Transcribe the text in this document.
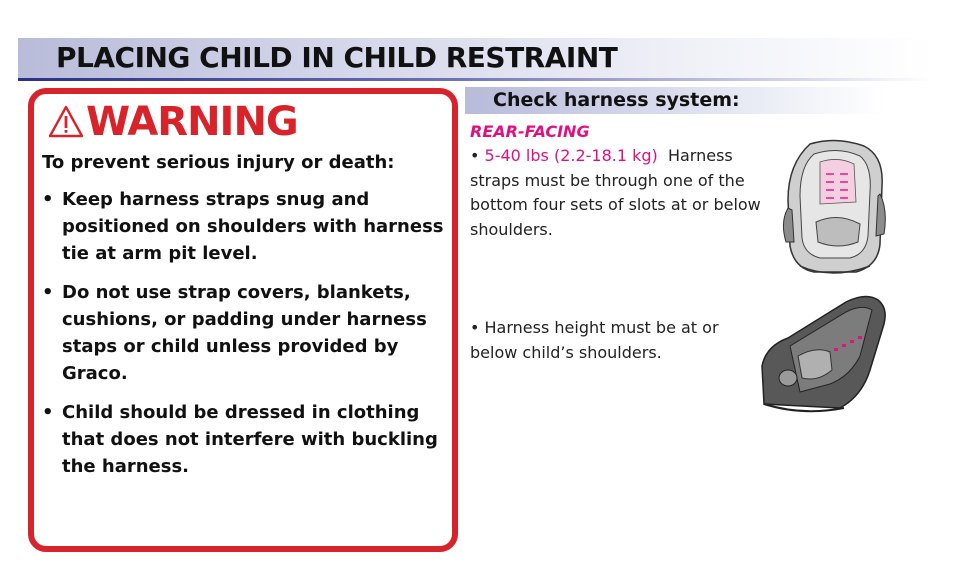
PLACING CHILD IN CHILD RESTRAINT
WARNING
To prevent serious injury or death:
• Keep harness straps snug and positioned on shoulders with harness tie at arm pit level.
• Do not use strap covers, blankets, cushions, or padding under harness staps or child unless provided by Graco.
• Child should be dressed in clothing that does not interfere with buckling the harness.
Check harness system:
REAR-FACING
• 5-40 lbs (2.2-18.1 kg) Harness straps must be through one of the bottom four sets of slots at or below shoulders.
• Harness height must be at or below child’s shoulders.
